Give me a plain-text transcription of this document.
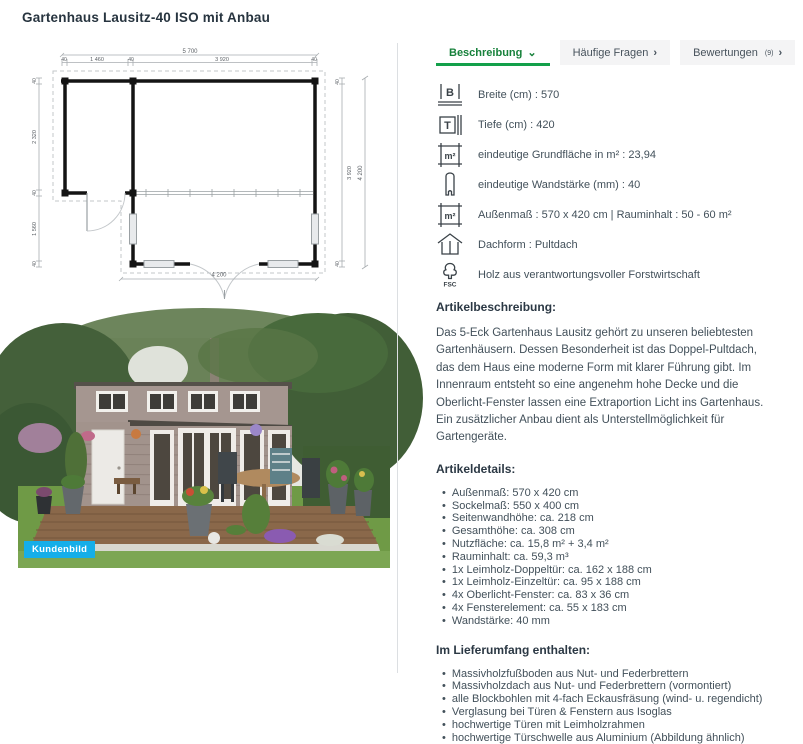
Gartenhaus Lausitz-40 ISO mit Anbau
5 700
40	1 460	40	3 920	40
40
2 320
40
1 560
40
40
3 920
40
4 200
4 200
Kundenbild
Beschreibung ⌄	Häufige Fragen ›	Bewertungen (9) ›
B Breite (cm) : 570
T	Tiefe (cm) : 420
m² eindeutige Grundfläche in m² : 23,94
eindeutige Wandstärke (mm) : 40
m² Außenmaß : 570 x 420 cm | Rauminhalt : 50 - 60 m²
Dachform : Pultdach
FSC
Holz aus verantwortungsvoller Forstwirtschaft
Artikelbeschreibung:

Das 5-Eck Gartenhaus Lausitz gehört zu unseren beliebtesten Gartenhäusern. Dessen Besonderheit ist das Doppel-Pultdach, das dem Haus eine moderne Form mit klarer Führung gibt. Im Innenraum entsteht so eine angenehm hohe Decke und die Oberlicht-Fenster lassen eine Extraportion Licht ins Gartenhaus. Ein zusätzlicher Anbau dient als Unterstellmöglichkeit für Gartengeräte.

Artikeldetails:
• Außenmaß: 570 x 420 cm
• Sockelmaß: 550 x 400 cm
• Seitenwandhöhe: ca. 218 cm
• Gesamthöhe: ca. 308 cm
• Nutzfläche: ca. 15,8 m² + 3,4 m²
• Rauminhalt: ca. 59,3 m³
• 1x Leimholz-Doppeltür: ca. 162 x 188 cm
• 1x Leimholz-Einzeltür: ca. 95 x 188 cm
• 4x Oberlicht-Fenster: ca. 83 x 36 cm
• 4x Fensterelement: ca. 55 x 183 cm
• Wandstärke: 40 mm
Im Lieferumfang enthalten:
• Massivholzfußboden aus Nut- und Federbrettern
• Massivholzdach aus Nut- und Federbrettern (vormontiert)
• alle Blockbohlen mit 4-fach Eckausfräsung (wind- u. regendicht)
• Verglasung bei Türen & Fenstern aus Isoglas
• hochwertige Türen mit Leimholzrahmen
• hochwertige Türschwelle aus Aluminium (Abbildung ähnlich)
